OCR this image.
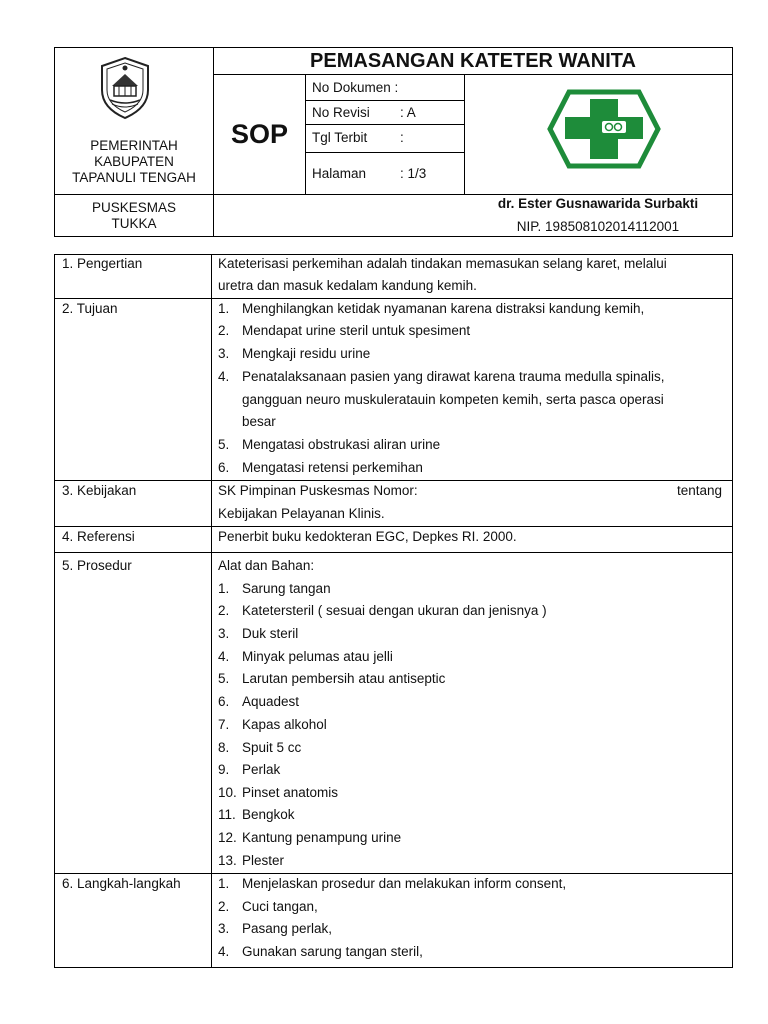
PEMERINTAH
KABUPATEN
TAPANULI TENGAH
PEMASANGAN KATETER WANITA
SOP
No Dokumen :
No Revisi : A
Tgl Terbit :
Halaman	: 1/3
PUSKESMAS
TUKKA
dr. Ester Gusnawarida Surbakti
NIP. 198508102014112001
1. Pengertian	Kateterisasi perkemihan adalah tindakan memasukan selang karet, melalui
uretra dan masuk kedalam kandung kemih.
2. Tujuan	1. Menghilangkan ketidak nyamanan karena distraksi kandung kemih,
2. Mendapat urine steril untuk spesiment
3. Mengkaji residu urine
4. Penatalaksanaan pasien yang dirawat karena trauma medulla spinalis,
gangguan neuro muskuleratauin kompeten kemih, serta pasca operasi
besar
5. Mengatasi obstrukasi aliran urine
6. Mengatasi retensi perkemihan
3. Kebijakan	SK Pimpinan Puskesmas Nomor:	tentang
Kebijakan Pelayanan Klinis.
4. Referensi	Penerbit buku kedokteran EGC, Depkes RI. 2000.
5. Prosedur	Alat dan Bahan:
1. Sarung tangan
2. Katetersteril ( sesuai dengan ukuran dan jenisnya )
3. Duk steril
4. Minyak pelumas atau jelli
5. Larutan pembersih atau antiseptic
6. Aquadest
7. Kapas alkohol
8. Spuit 5 cc
9. Perlak
10. Pinset anatomis
11. Bengkok
12. Kantung penampung urine
13. Plester
6. Langkah-langkah	1. Menjelaskan prosedur dan melakukan inform consent,
2. Cuci tangan,
3. Pasang perlak,
4. Gunakan sarung tangan steril,
